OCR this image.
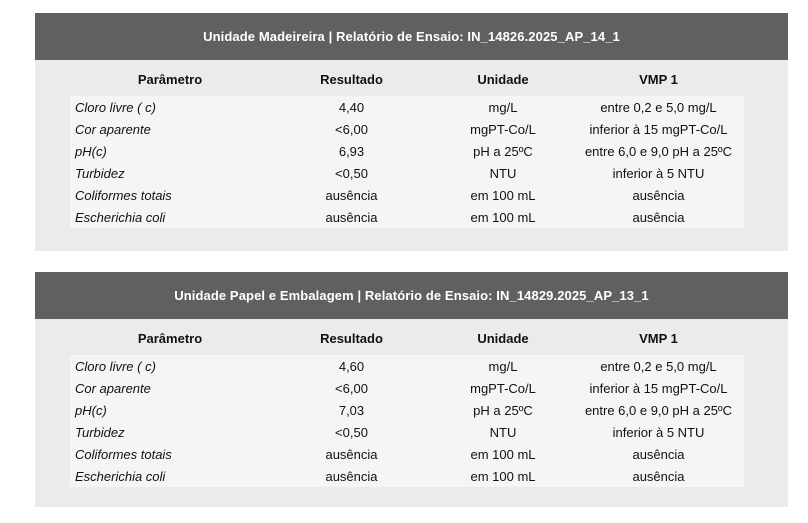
Unidade Madeireira | Relatório de Ensaio: IN_14826.2025_AP_14_1
Parâmetro	Resultado	Unidade	VMP 1
Cloro livre ( c)	4,40	mg/L	entre 0,2 e 5,0 mg/L
Cor aparente	<6,00	mgPT-Co/L	inferior à 15 mgPT-Co/L
pH(c)	6,93	pH a 25ºC	entre 6,0 e 9,0 pH a 25ºC
Turbidez	<0,50	NTU	inferior à 5 NTU
Coliformes totais	ausência	em 100 mL	ausência
Escherichia coli	ausência	em 100 mL	ausência
Unidade Papel e Embalagem | Relatório de Ensaio: IN_14829.2025_AP_13_1
Parâmetro	Resultado	Unidade	VMP 1
Cloro livre ( c)	4,60	mg/L	entre 0,2 e 5,0 mg/L
Cor aparente	<6,00	mgPT-Co/L	inferior à 15 mgPT-Co/L
pH(c)	7,03	pH a 25ºC	entre 6,0 e 9,0 pH a 25ºC
Turbidez	<0,50	NTU	inferior à 5 NTU
Coliformes totais	ausência	em 100 mL	ausência
Escherichia coli	ausência	em 100 mL	ausência
